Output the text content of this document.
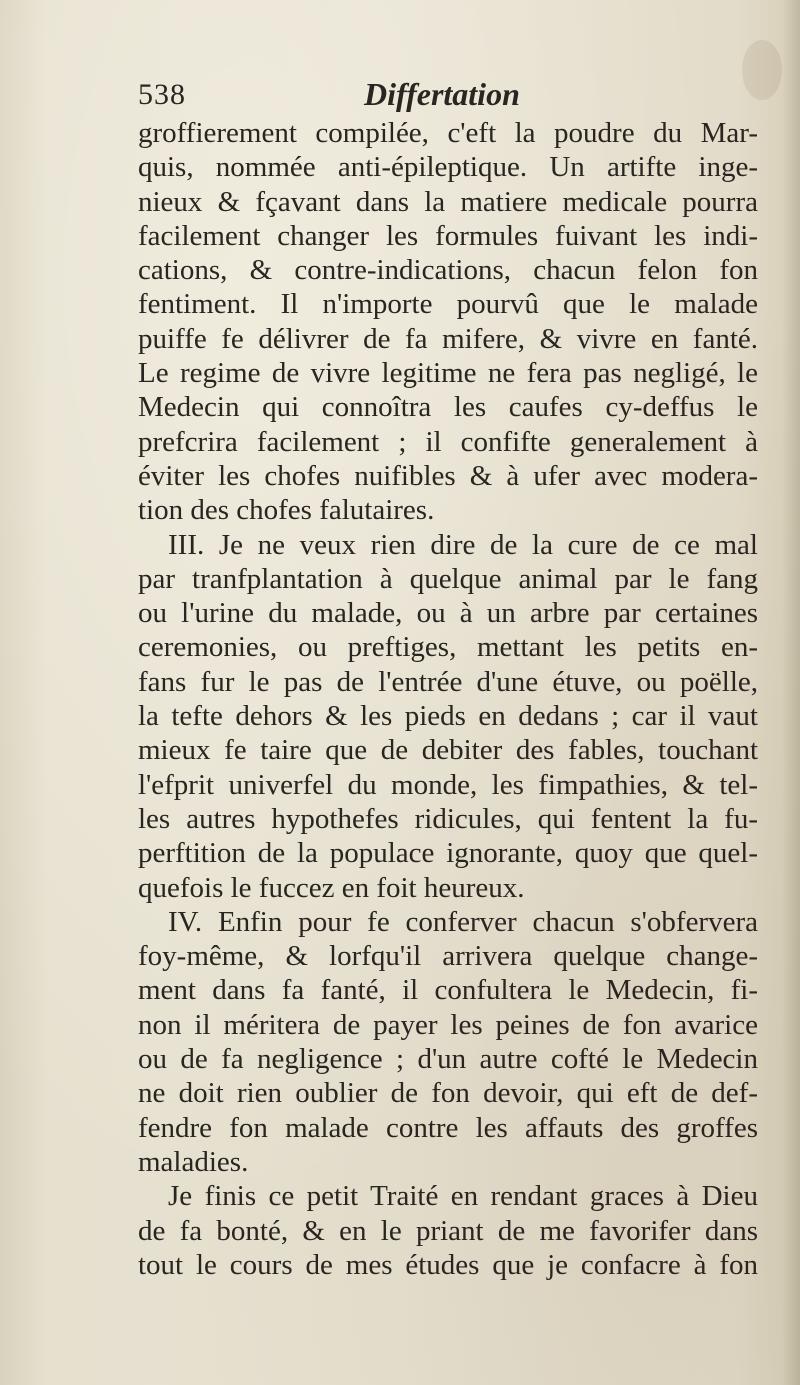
538	Differtation
groffierement compilée, c'eft la poudre du Mar-
quis, nommée anti-épileptique. Un artifte inge-
nieux & fçavant dans la matiere medicale pourra
facilement changer les formules fuivant les indi-
cations, & contre-indications, chacun felon fon
fentiment. Il n'importe pourvû que le malade
puiffe fe délivrer de fa mifere, & vivre en fanté.
Le regime de vivre legitime ne fera pas negligé, le
Medecin qui connoîtra les caufes cy-deffus le
prefcrira facilement ; il confifte generalement à
éviter les chofes nuifibles & à ufer avec modera-
tion des chofes falutaires.
III. Je ne veux rien dire de la cure de ce mal
par tranfplantation à quelque animal par le fang
ou l'urine du malade, ou à un arbre par certaines
ceremonies, ou preftiges, mettant les petits en-
fans fur le pas de l'entrée d'une étuve, ou poëlle,
la tefte dehors & les pieds en dedans ; car il vaut
mieux fe taire que de debiter des fables, touchant
l'efprit univerfel du monde, les fimpathies, & tel-
les autres hypothefes ridicules, qui fentent la fu-
perftition de la populace ignorante, quoy que quel-
quefois le fuccez en foit heureux.
IV. Enfin pour fe conferver chacun s'obfervera
foy-même, & lorfqu'il arrivera quelque change-
ment dans fa fanté, il confultera le Medecin, fi-
non il méritera de payer les peines de fon avarice
ou de fa negligence ; d'un autre cofté le Medecin
ne doit rien oublier de fon devoir, qui eft de def-
fendre fon malade contre les affauts des groffes
maladies.
Je finis ce petit Traité en rendant graces à Dieu
de fa bonté, & en le priant de me favorifer dans
tout le cours de mes études que je confacre à fon
